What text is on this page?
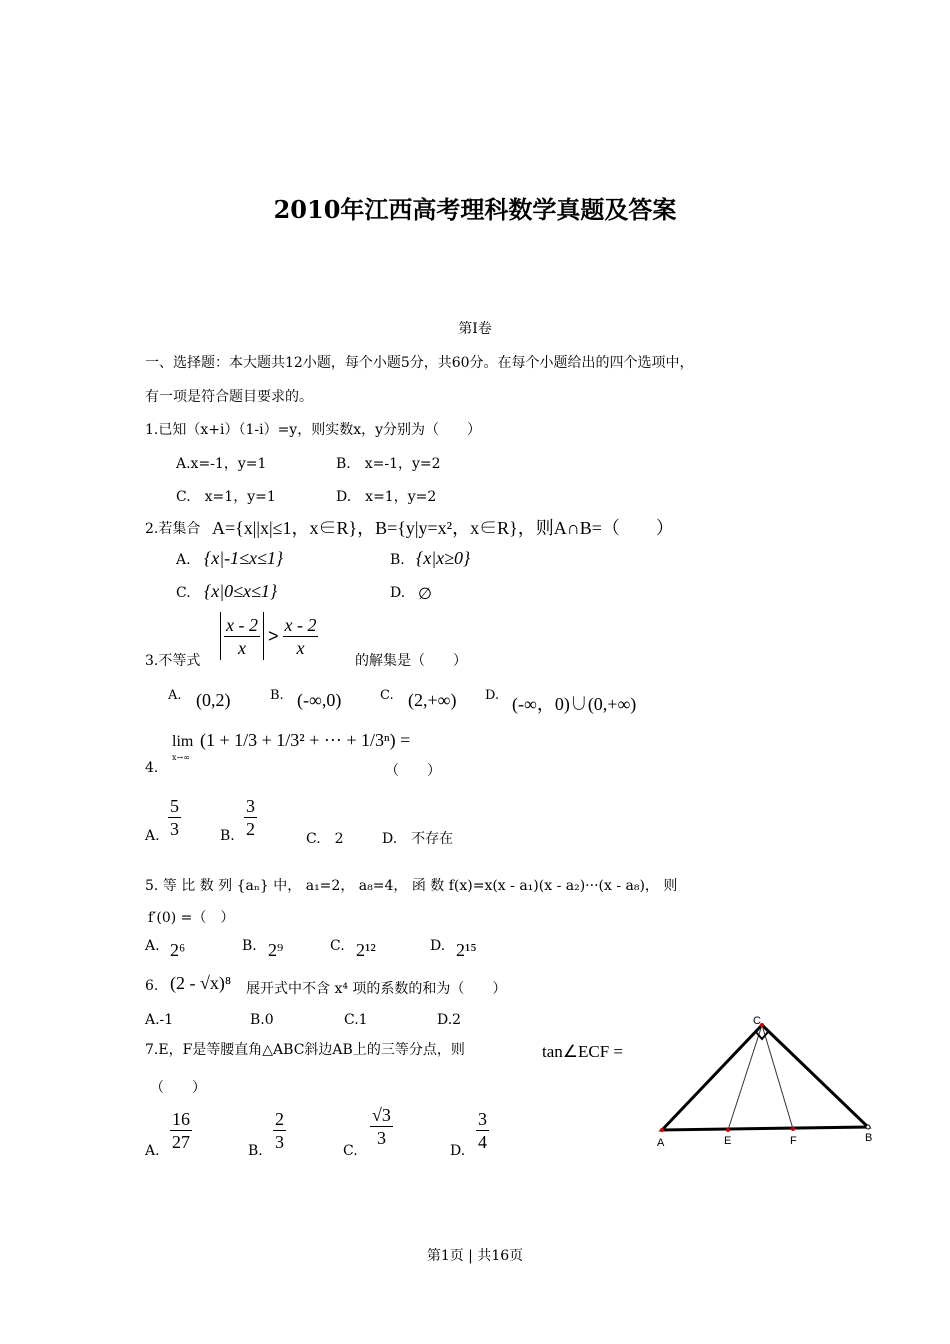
2010年江西高考理科数学真题及答案
第Ⅰ卷
一、选择题：本大题共12小题，每个小题5分，共60分。在每个小题给出的四个选项中，
有一项是符合题目要求的。
1.已知（x+i）（1-i）=y，则实数x，y分别为（　　）
A.x=-1，y=1	B.　x=-1，y=2
C.　x=1，y=1	D.　x=1，y=2
2.若集合 A={x||x|≤1，x∈R}，B={y|y=x²，x∈R}，则A∩B=（　　）
A. {x|-1≤x≤1}	B. {x|x≥0}
C. {x|0≤x≤1}	D. ∅
3.不等式
$\frac{x - 2}{x} > \frac{x - 2}{x}$
的解集是（　　）
A. (0,2)	B. (-∞,0)	C. (2,+∞) D. (-∞，0)∪(0,+∞)
4.
lim
x→∞
(1 + 1/3 + 1/3² + ··· + 1/3ⁿ) =
（　　）
A. $\frac{5}{3}$	B. $\frac{3}{2}$	C.　2	D.　不存在
5. 等 比 数 列 {aₙ} 中， a₁=2， a₈=4， 函 数 f(x)=x(x - a₁)(x - a₂)···(x - a₈)， 则
f′(0) =（　）
A. 2⁶	B. 2⁹	C. 2¹²	D. 2¹⁵
6. (2 - √x)⁸ 展开式中不含 x⁴ 项的系数的和为（　　）
A.-1	B.0	C.1	D.2
7.E，F是等腰直角△ABC斜边AB上的三等分点，则	tan∠ECF =
（　　）
A. $\frac{16}{27}$	B. $\frac{2}{3}$	C.
$\frac{√3}{3}$
D. $\frac{3}{4}$	A
C
B
E	F
第1页 | 共16页
